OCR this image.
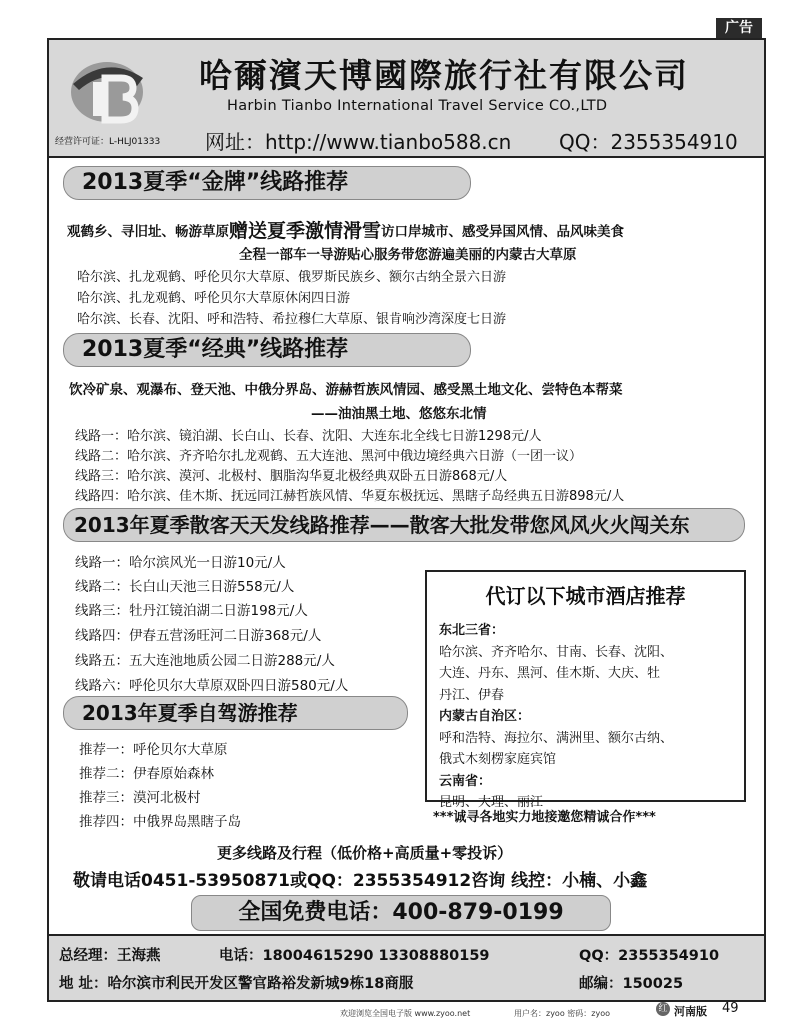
广告
哈爾濱天博國際旅行社有限公司
Harbin Tianbo International Travel Service CO.,LTD
经营许可证：L-HLJ01333 网址：http://www.tianbo588.cn QQ：2355354910
2013夏季“金牌”线路推荐
观鹤乡、寻旧址、畅游草原赠送夏季激情滑雪访口岸城市、感受异国风情、品风味美食
全程一部车一导游贴心服务带您游遍美丽的内蒙古大草原
哈尔滨、扎龙观鹤、呼伦贝尔大草原、俄罗斯民族乡、额尔古纳全景六日游
哈尔滨、扎龙观鹤、呼伦贝尔大草原休闲四日游
哈尔滨、长春、沈阳、呼和浩特、希拉穆仁大草原、银肯响沙湾深度七日游
2013夏季“经典”线路推荐
饮冷矿泉、观瀑布、登天池、中俄分界岛、游赫哲族风情园、感受黑土地文化、尝特色本帮菜
——油油黑土地、悠悠东北情
线路一：哈尔滨、镜泊湖、长白山、长春、沈阳、大连东北全线七日游1298元/人
线路二：哈尔滨、齐齐哈尔扎龙观鹤、五大连池、黑河中俄边境经典六日游（一团一议）
线路三：哈尔滨、漠河、北极村、胭脂沟华夏北极经典双卧五日游868元/人
线路四：哈尔滨、佳木斯、抚远同江赫哲族风情、华夏东极抚远、黑瞎子岛经典五日游898元/人
2013年夏季散客天天发线路推荐——散客大批发带您风风火火闯关东
线路一：哈尔滨风光一日游10元/人
线路二：长白山天池三日游558元/人
线路三：牡丹江镜泊湖二日游198元/人
线路四：伊春五营汤旺河二日游368元/人
线路五：五大连池地质公园二日游288元/人
线路六：呼伦贝尔大草原双卧四日游580元/人
代订以下城市酒店推荐
东北三省：
哈尔滨、齐齐哈尔、甘南、长春、沈阳、
大连、丹东、黑河、佳木斯、大庆、牡
丹江、伊春
内蒙古自治区：
呼和浩特、海拉尔、满洲里、额尔古纳、
俄式木刻楞家庭宾馆
云南省：
昆明、大理、丽江
2013年夏季自驾游推荐
推荐一：呼伦贝尔大草原
推荐二：伊春原始森林
推荐三：漠河北极村
推荐四：中俄界岛黑瞎子岛	***诚寻各地实力地接邀您精诚合作***
更多线路及行程（低价格+高质量+零投诉）
敬请电话0451-53950871或QQ：2355354912咨询 线控：小楠、小鑫
全国免费电话：400-879-0199
总经理：王海燕	电话：18004615290 13308880159	QQ：2355354910
地 址：哈尔滨市利民开发区警官路裕发新城9栋18商服	邮编：150025
欢迎浏览全国电子版 www.zyoo.net	用户名：zyoo 密码：zyoo	红 河南版 49
